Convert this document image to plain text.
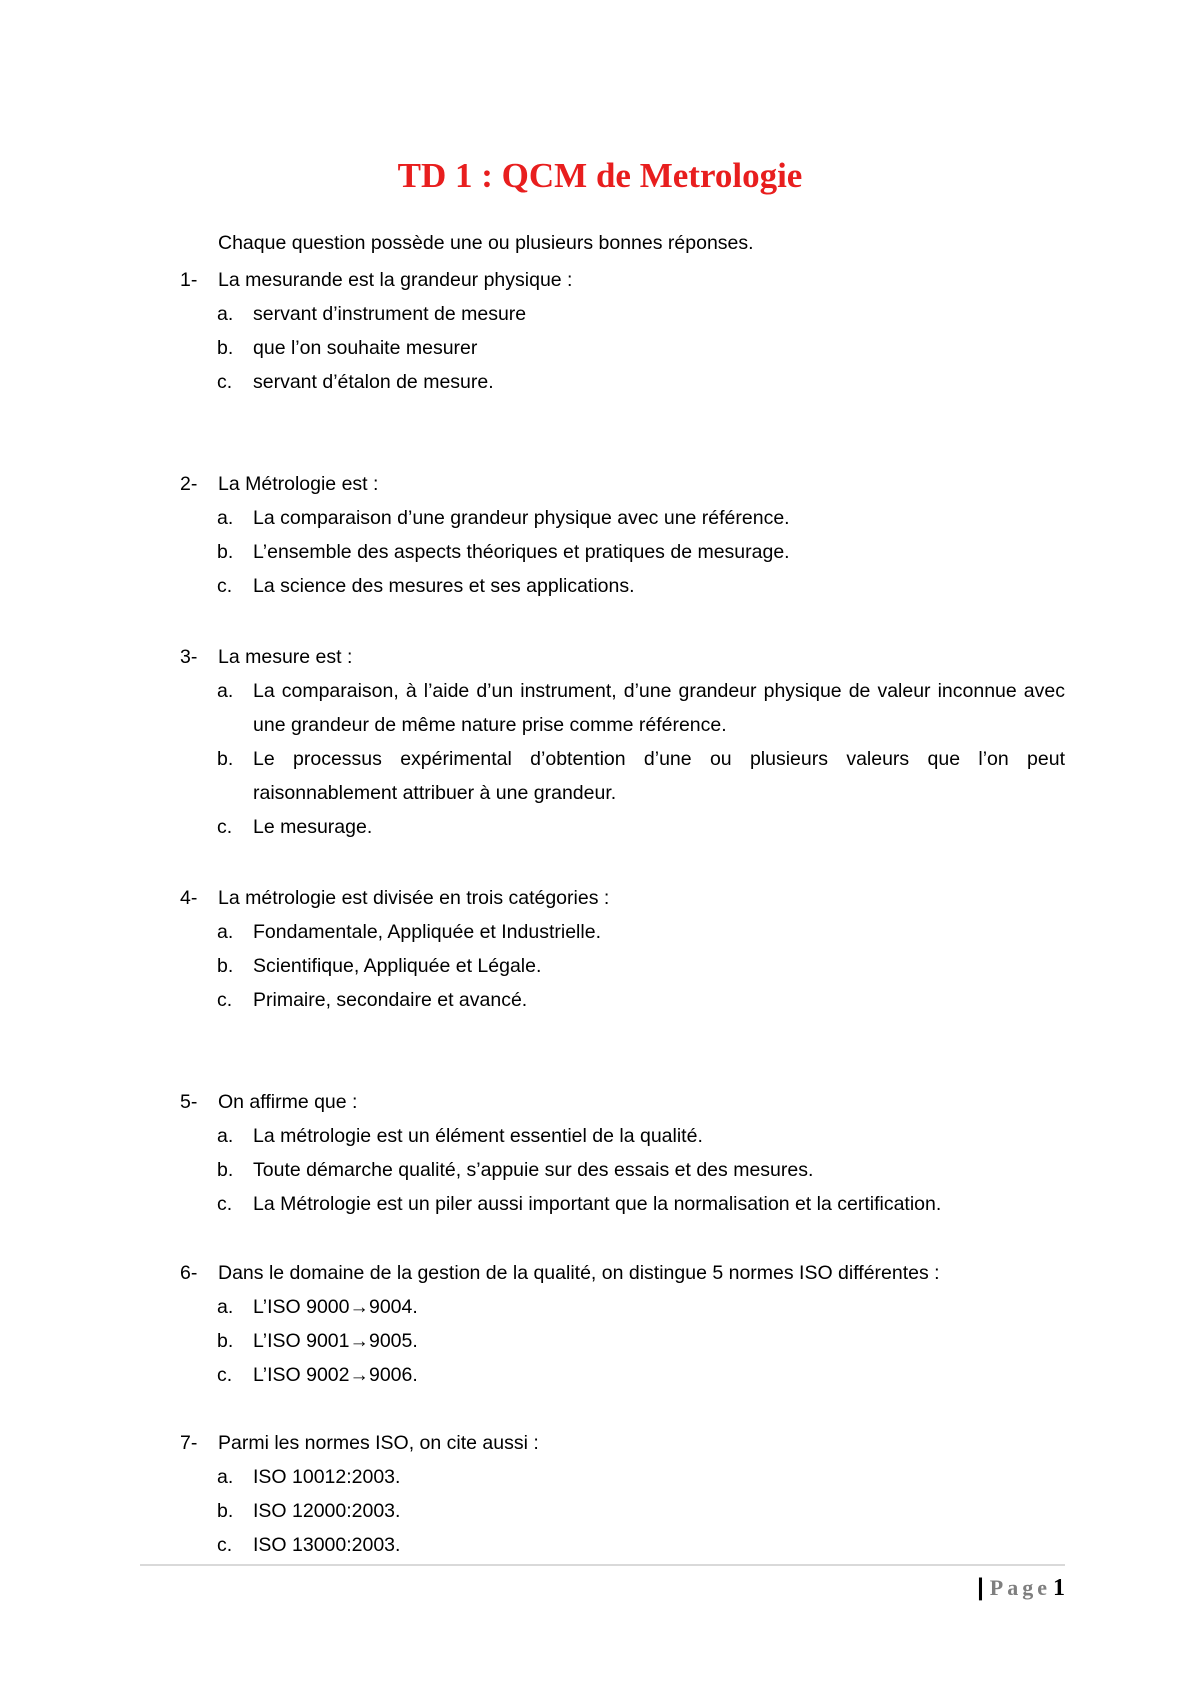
TD 1 : QCM de Metrologie

Chaque question possède une ou plusieurs bonnes réponses.

1- La mesurande est la grandeur physique :
a. servant d’instrument de mesure
b. que l’on souhaite mesurer
c. servant d’étalon de mesure.
2- La Métrologie est :
a. La comparaison d’une grandeur physique avec une référence.
b. L’ensemble des aspects théoriques et pratiques de mesurage.
c. La science des mesures et ses applications.
3- La mesure est :
a. La comparaison, à l’aide d’un instrument, d’une grandeur physique de valeur inconnue avec une grandeur de même nature prise comme référence.
b. Le processus expérimental d’obtention d’une ou plusieurs valeurs que l’on peut raisonnablement attribuer à une grandeur.
c. Le mesurage.
4- La métrologie est divisée en trois catégories :
a. Fondamentale, Appliquée et Industrielle.
b. Scientifique, Appliquée et Légale.
c. Primaire, secondaire et avancé.
5- On affirme que :
a. La métrologie est un élément essentiel de la qualité.
b. Toute démarche qualité, s’appuie sur des essais et des mesures.
c. La Métrologie est un piler aussi important que la normalisation et la certification.
6- Dans le domaine de la gestion de la qualité, on distingue 5 normes ISO différentes :
a. L’ISO 9000→9004.
b. L’ISO 9001→9005.
c. L’ISO 9002→9006.
7- Parmi les normes ISO, on cite aussi :
a. ISO 10012:2003.
b. ISO 12000:2003.
c. ISO 13000:2003.
| Page1
